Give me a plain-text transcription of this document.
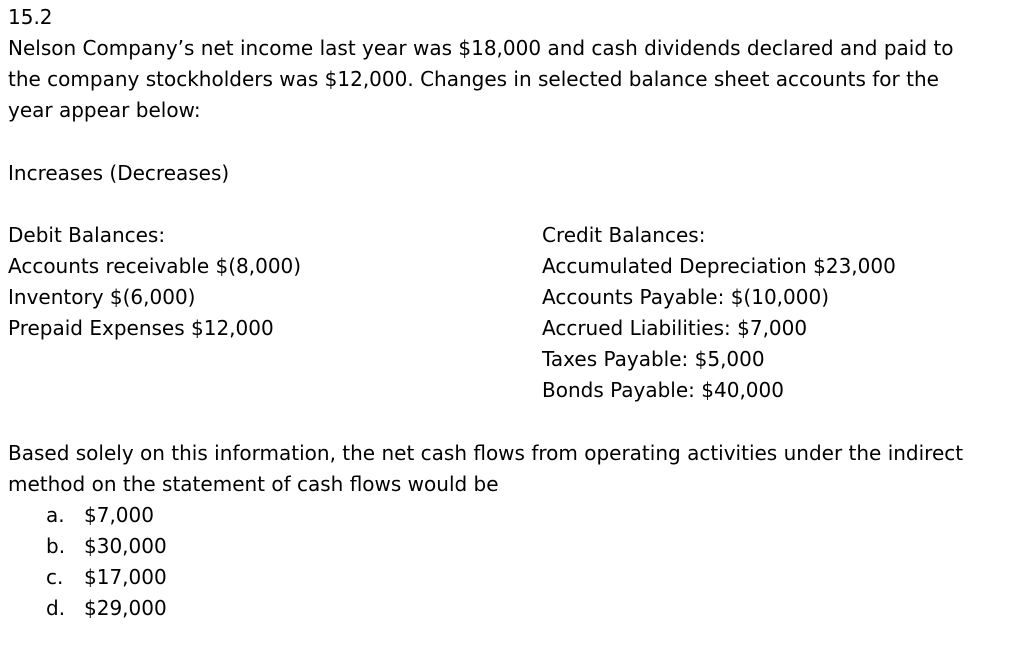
15.2
Nelson Company’s net income last year was $18,000 and cash dividends declared and paid to
the company stockholders was $12,000. Changes in selected balance sheet accounts for the
year appear below:
Increases (Decreases)
Debit Balances:
Accounts receivable $(8,000)
Inventory $(6,000)
Prepaid Expenses $12,000
Credit Balances:
Accumulated Depreciation $23,000
Accounts Payable: $(10,000)
Accrued Liabilities: $7,000
Taxes Payable: $5,000
Bonds Payable: $40,000
Based solely on this information, the net cash flows from operating activities under the indirect
method on the statement of cash flows would be
a. $7,000
b. $30,000
c. $17,000
d. $29,000
